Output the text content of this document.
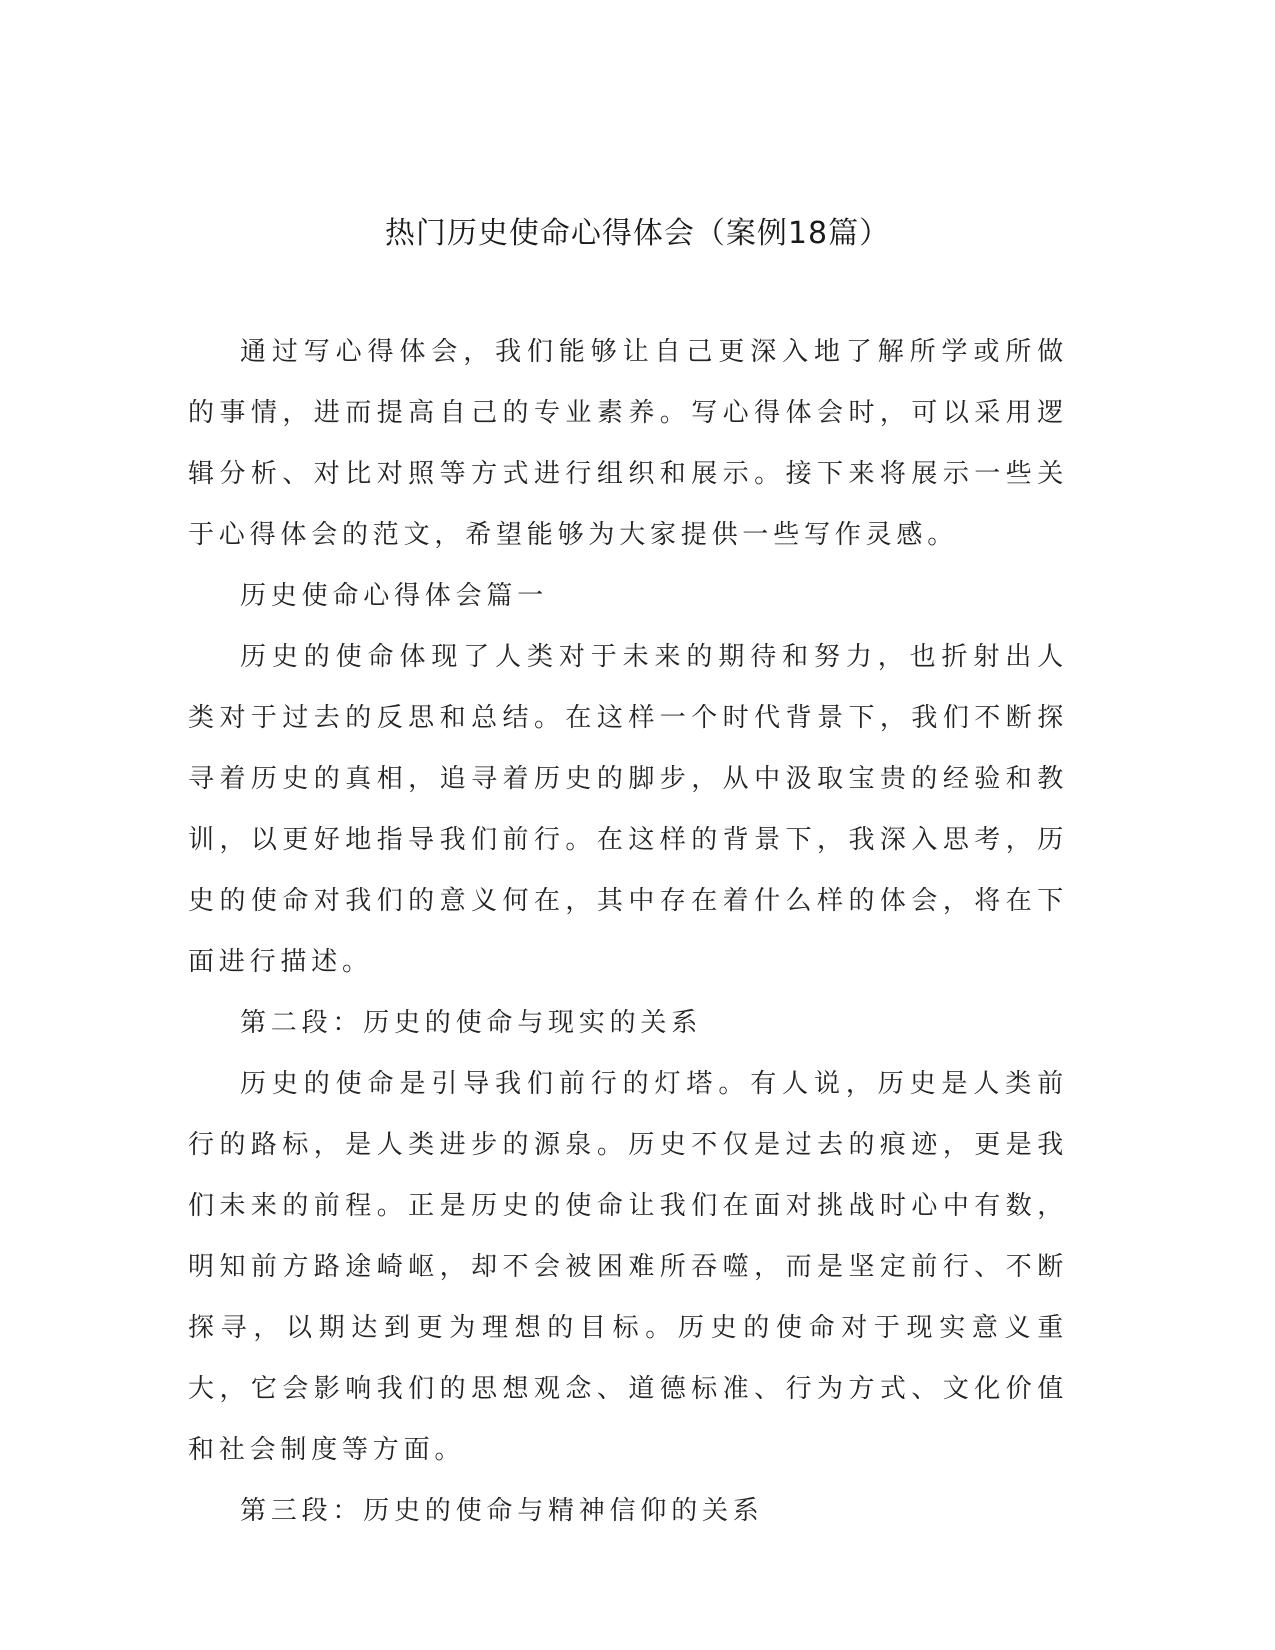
热门历史使命心得体会（案例18篇）

通过写心得体会，我们能够让自己更深入地了解所学或所做的事情，进而提高自己的专业素养。写心得体会时，可以采用逻辑分析、对比对照等方式进行组织和展示。接下来将展示一些关于心得体会的范文，希望能够为大家提供一些写作灵感。

历史使命心得体会篇一

历史的使命体现了人类对于未来的期待和努力，也折射出人类对于过去的反思和总结。在这样一个时代背景下，我们不断探寻着历史的真相，追寻着历史的脚步，从中汲取宝贵的经验和教训，以更好地指导我们前行。在这样的背景下，我深入思考，历史的使命对我们的意义何在，其中存在着什么样的体会，将在下面进行描述。

第二段：历史的使命与现实的关系

历史的使命是引导我们前行的灯塔。有人说，历史是人类前行的路标，是人类进步的源泉。历史不仅是过去的痕迹，更是我们未来的前程。正是历史的使命让我们在面对挑战时心中有数，明知前方路途崎岖，却不会被困难所吞噬，而是坚定前行、不断探寻，以期达到更为理想的目标。历史的使命对于现实意义重大，它会影响我们的思想观念、道德标准、行为方式、文化价值和社会制度等方面。

第三段：历史的使命与精神信仰的关系
